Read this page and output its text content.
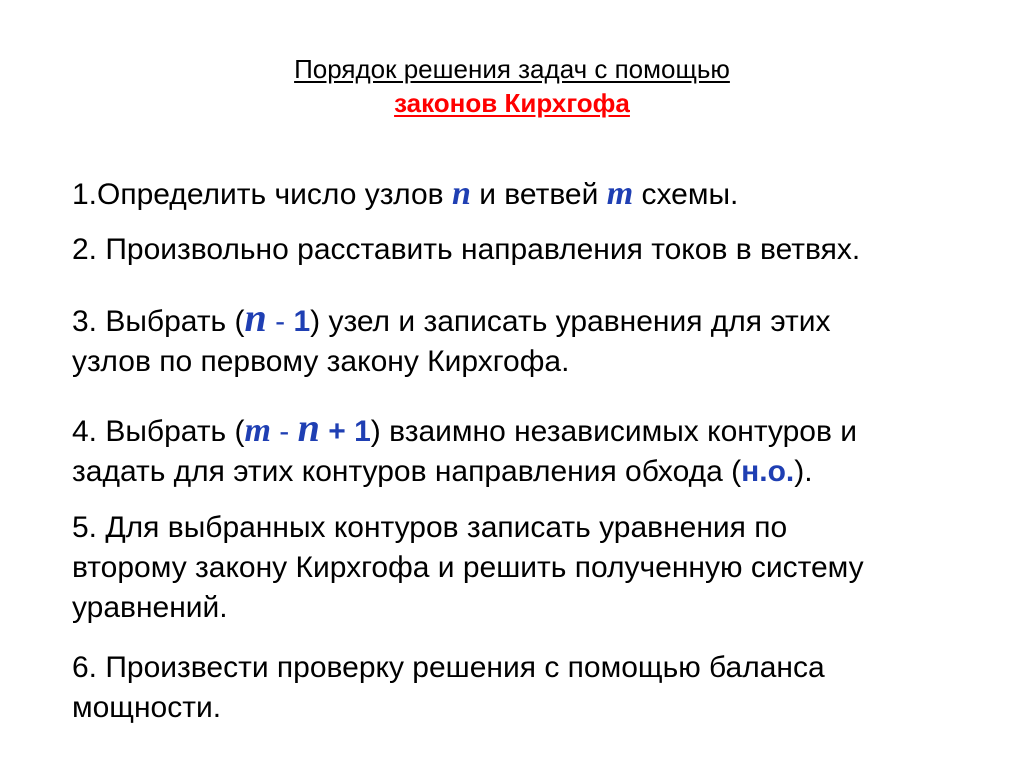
Порядок решения задач с помощью
законов Кирхгофа
1.Определить число узлов n и ветвей m схемы.
2. Произвольно расставить направления токов в ветвях.
3. Выбрать (n - 1) узел и записать уравнения для этих
узлов по первому закону Кирхгофа.
4. Выбрать (m - n + 1) взаимно независимых контуров и
задать для этих контуров направления обхода (н.о.).
5. Для выбранных контуров записать уравнения по
второму закону Кирхгофа и решить полученную систему
уравнений.
6. Произвести проверку решения с помощью баланса
мощности.
